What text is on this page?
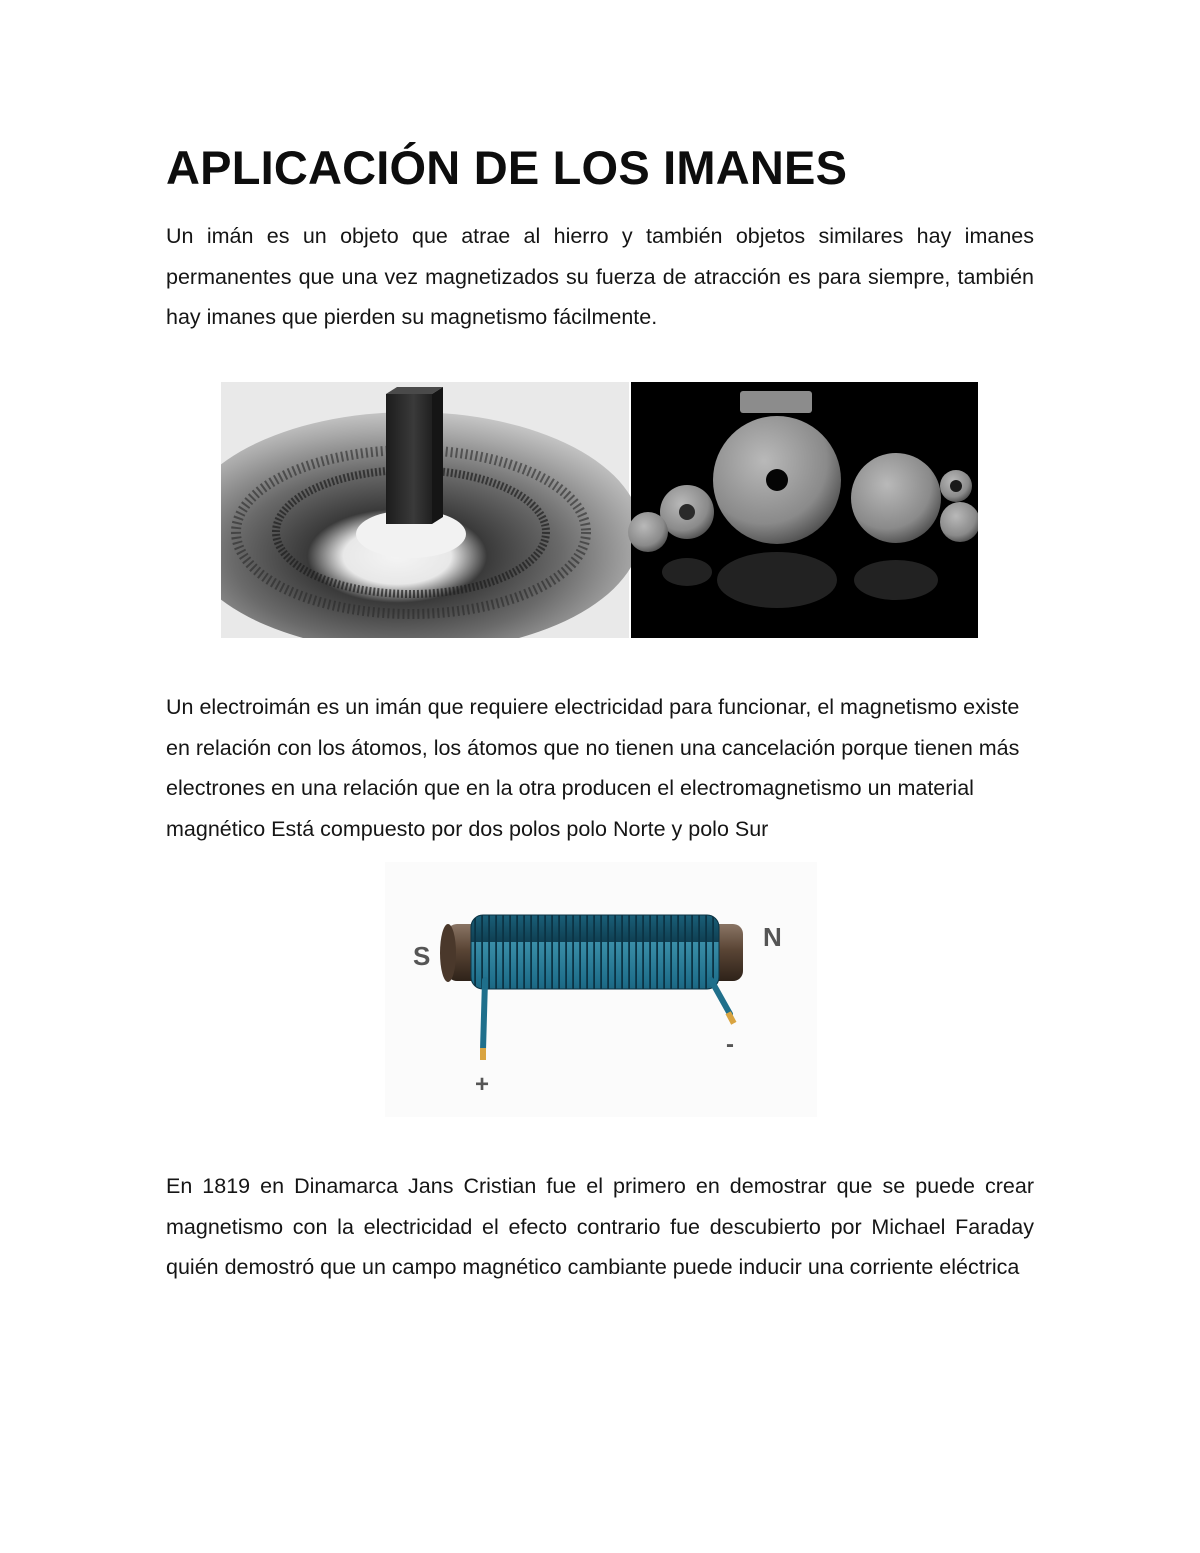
APLICACIÓN DE LOS IMANES

Un imán es un objeto que atrae al hierro y también objetos similares hay imanes permanentes que una vez magnetizados su fuerza de atracción es para siempre, también hay imanes que pierden su magnetismo fácilmente.

Un electroimán es un imán que requiere electricidad para funcionar, el magnetismo existe en relación con los átomos, los átomos que no tienen una cancelación porque tienen más electrones en una relación que en la otra producen el electromagnetismo un material magnético Está compuesto por dos polos polo Norte y polo Sur

S
N
+
-

En 1819 en Dinamarca Jans Cristian fue el primero en demostrar que se puede crear magnetismo con la electricidad el efecto contrario fue descubierto por Michael Faraday quién demostró que un campo magnético cambiante puede inducir una corriente eléctrica
